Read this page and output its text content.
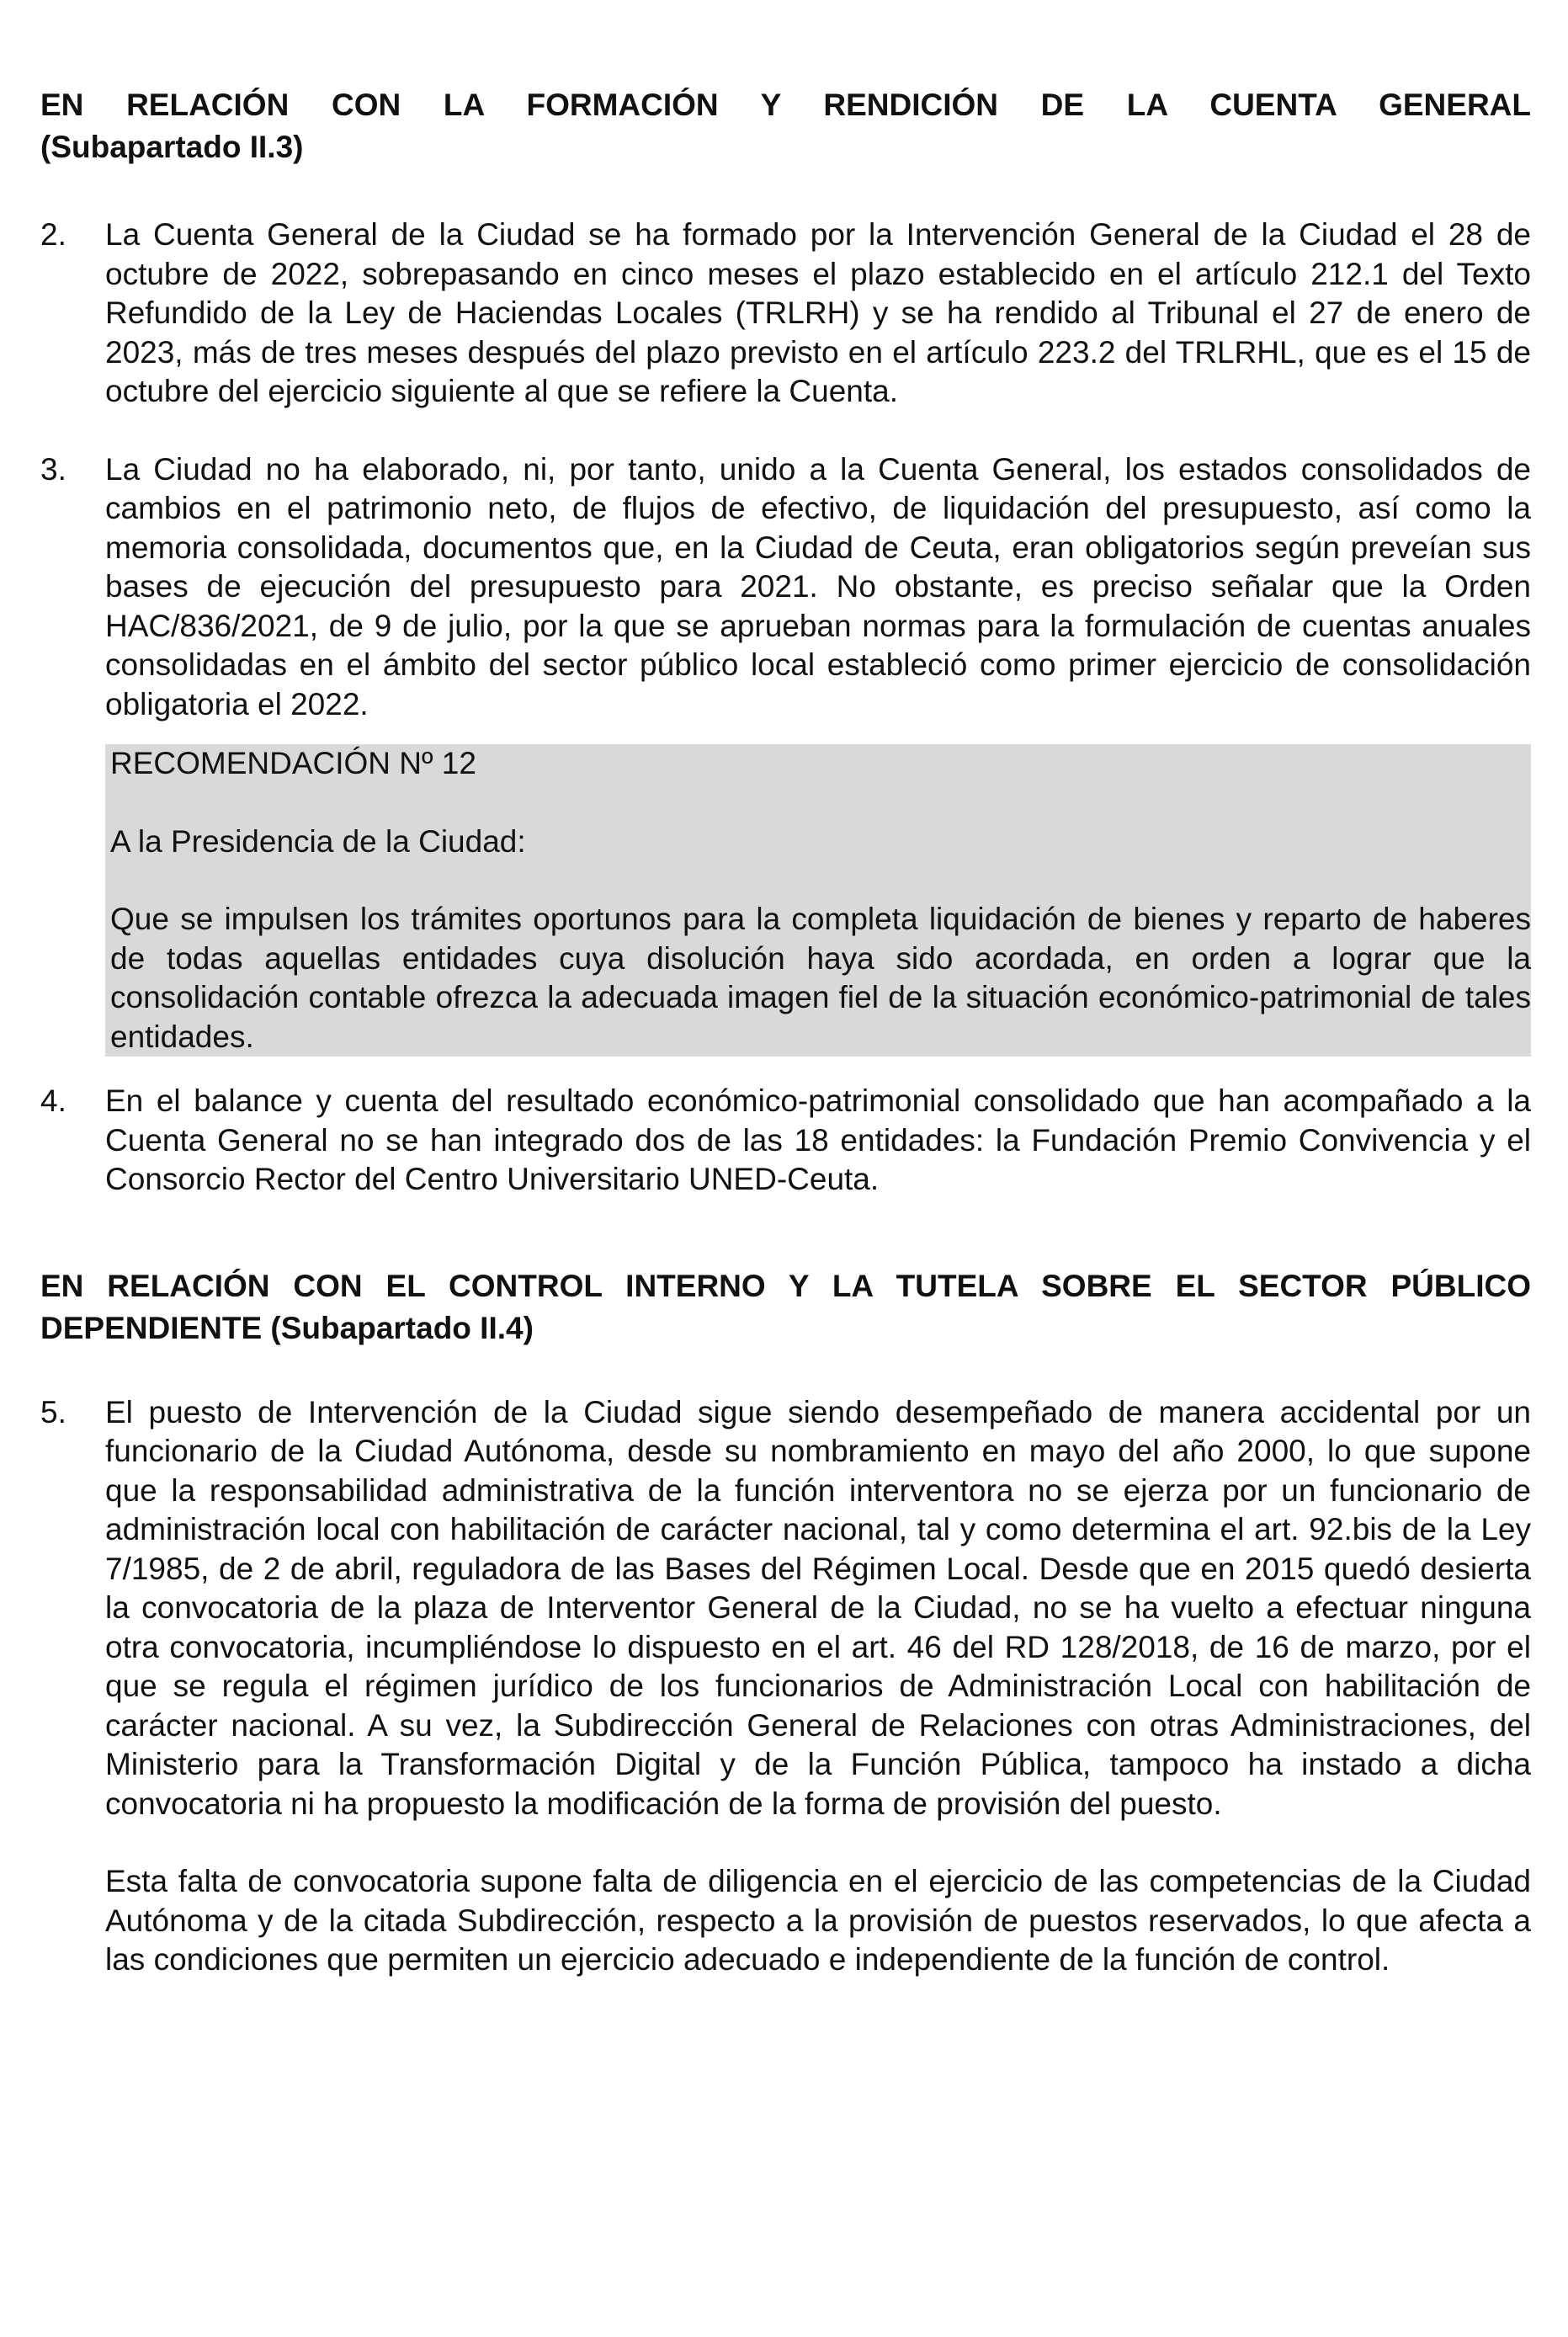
EN RELACIÓN CON LA FORMACIÓN Y RENDICIÓN DE LA CUENTA GENERAL
(Subapartado II.3)
2. La Cuenta General de la Ciudad se ha formado por la Intervención General de la Ciudad el 28 de octubre de 2022, sobrepasando en cinco meses el plazo establecido en el artículo 212.1 del Texto Refundido de la Ley de Haciendas Locales (TRLRH) y se ha rendido al Tribunal el 27 de enero de 2023, más de tres meses después del plazo previsto en el artículo 223.2 del TRLRHL, que es el 15 de octubre del ejercicio siguiente al que se refiere la Cuenta.

3. La Ciudad no ha elaborado, ni, por tanto, unido a la Cuenta General, los estados consolidados de cambios en el patrimonio neto, de flujos de efectivo, de liquidación del presupuesto, así como la memoria consolidada, documentos que, en la Ciudad de Ceuta, eran obligatorios según preveían sus bases de ejecución del presupuesto para 2021. No obstante, es preciso señalar que la Orden HAC/836/2021, de 9 de julio, por la que se aprueban normas para la formulación de cuentas anuales consolidadas en el ámbito del sector público local estableció como primer ejercicio de consolidación obligatoria el 2022.

RECOMENDACIÓN Nº 12

A la Presidencia de la Ciudad:

Que se impulsen los trámites oportunos para la completa liquidación de bienes y reparto de haberes de todas aquellas entidades cuya disolución haya sido acordada, en orden a lograr que la consolidación contable ofrezca la adecuada imagen fiel de la situación económico-patrimonial de tales entidades.

4. En el balance y cuenta del resultado económico-patrimonial consolidado que han acompañado a la Cuenta General no se han integrado dos de las 18 entidades: la Fundación Premio Convivencia y el Consorcio Rector del Centro Universitario UNED-Ceuta.

EN RELACIÓN CON EL CONTROL INTERNO Y LA TUTELA SOBRE EL SECTOR PÚBLICO
DEPENDIENTE (Subapartado II.4)
5. El puesto de Intervención de la Ciudad sigue siendo desempeñado de manera accidental por un funcionario de la Ciudad Autónoma, desde su nombramiento en mayo del año 2000, lo que supone que la responsabilidad administrativa de la función interventora no se ejerza por un funcionario de administración local con habilitación de carácter nacional, tal y como determina el art. 92.bis de la Ley 7/1985, de 2 de abril, reguladora de las Bases del Régimen Local. Desde que en 2015 quedó desierta la convocatoria de la plaza de Interventor General de la Ciudad, no se ha vuelto a efectuar ninguna otra convocatoria, incumpliéndose lo dispuesto en el art. 46 del RD 128/2018, de 16 de marzo, por el que se regula el régimen jurídico de los funcionarios de Administración Local con habilitación de carácter nacional. A su vez, la Subdirección General de Relaciones con otras Administraciones, del Ministerio para la Transformación Digital y de la Función Pública, tampoco ha instado a dicha convocatoria ni ha propuesto la modificación de la forma de provisión del puesto.

Esta falta de convocatoria supone falta de diligencia en el ejercicio de las competencias de la Ciudad Autónoma y de la citada Subdirección, respecto a la provisión de puestos reservados, lo que afecta a las condiciones que permiten un ejercicio adecuado e independiente de la función de control.
